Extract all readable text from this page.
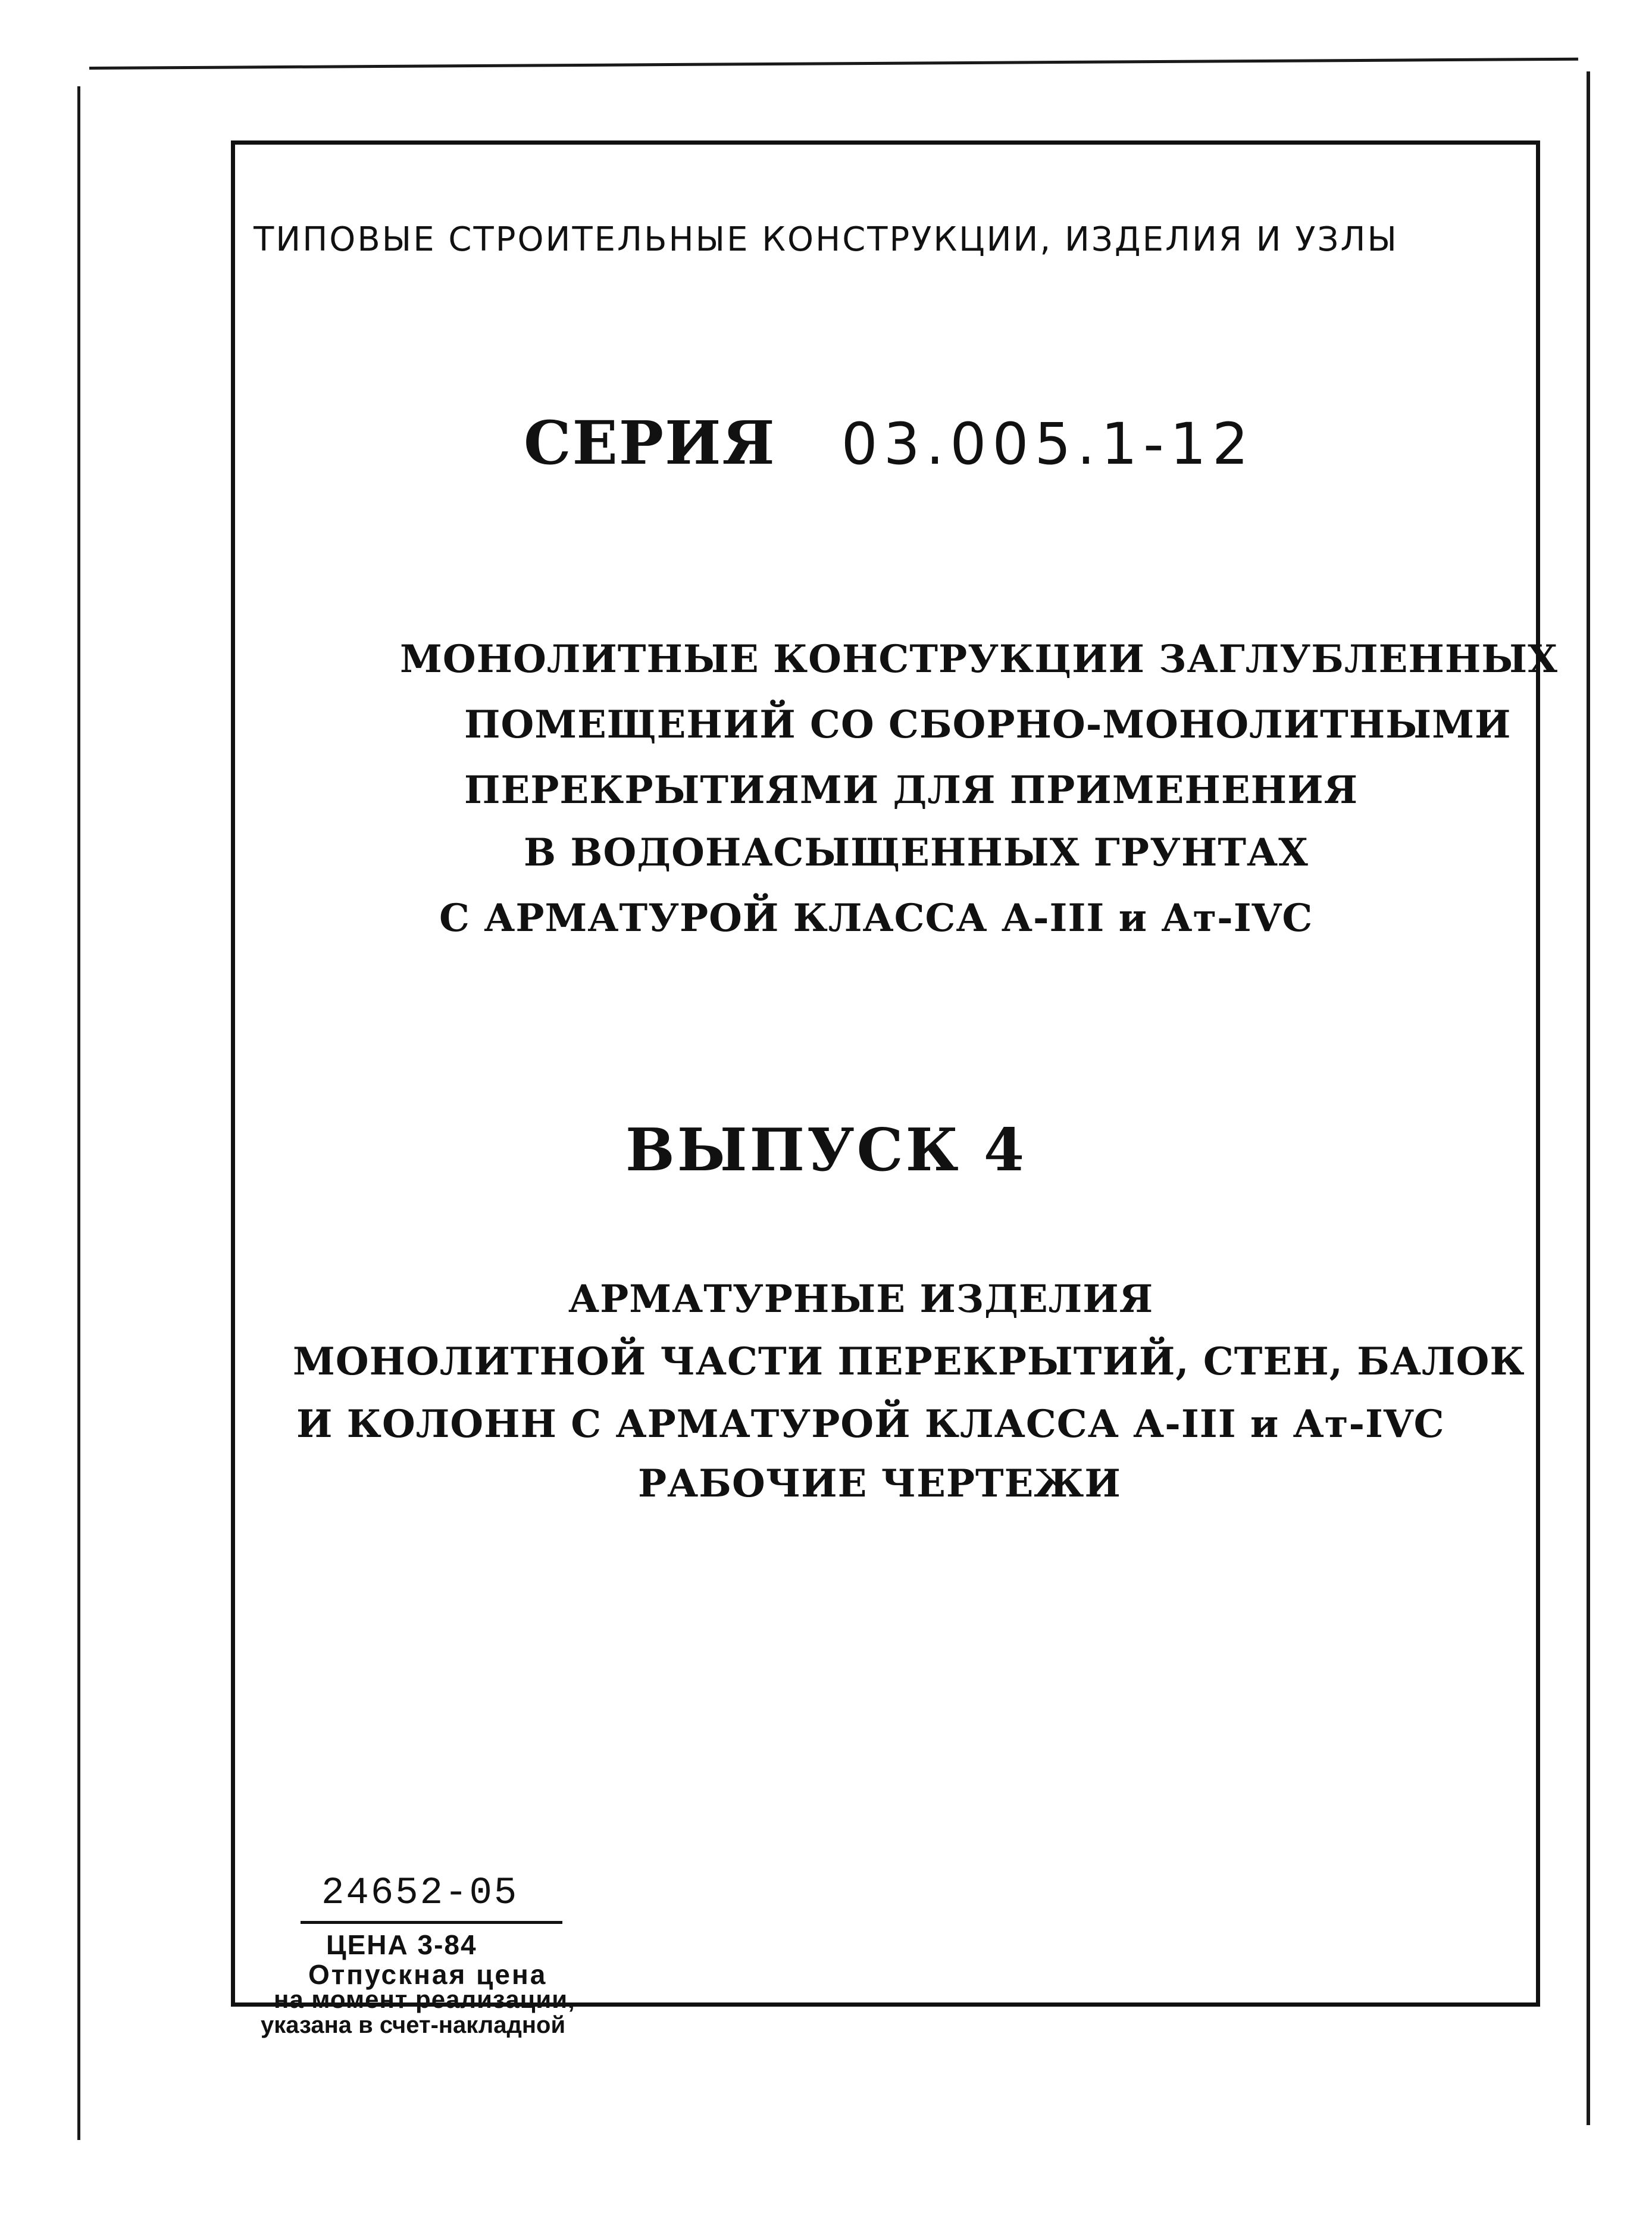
ТИПОВЫЕ СТРОИТЕЛЬНЫЕ КОНСТРУКЦИИ, ИЗДЕЛИЯ И УЗЛЫ
СЕРИЯ 03.005.1-12
МОНОЛИТНЫЕ КОНСТРУКЦИИ ЗАГЛУБЛЕННЫХ
ПОМЕЩЕНИЙ СО СБОРНО-МОНОЛИТНЫМИ
ПЕРЕКРЫТИЯМИ ДЛЯ ПРИМЕНЕНИЯ
В ВОДОНАСЫЩЕННЫХ ГРУНТАХ
С АРМАТУРОЙ КЛАССА А-III и Ат-IVС
ВЫПУСК 4
АРМАТУРНЫЕ ИЗДЕЛИЯ
МОНОЛИТНОЙ ЧАСТИ ПЕРЕКРЫТИЙ, СТЕН, БАЛОК
И КОЛОНН С АРМАТУРОЙ КЛАССА А-III и Ат-IVС
РАБОЧИЕ ЧЕРТЕЖИ
24652-05
ЦЕНА 3-84
Отпускная цена
на момент реализации,
указана в счет-накладной
